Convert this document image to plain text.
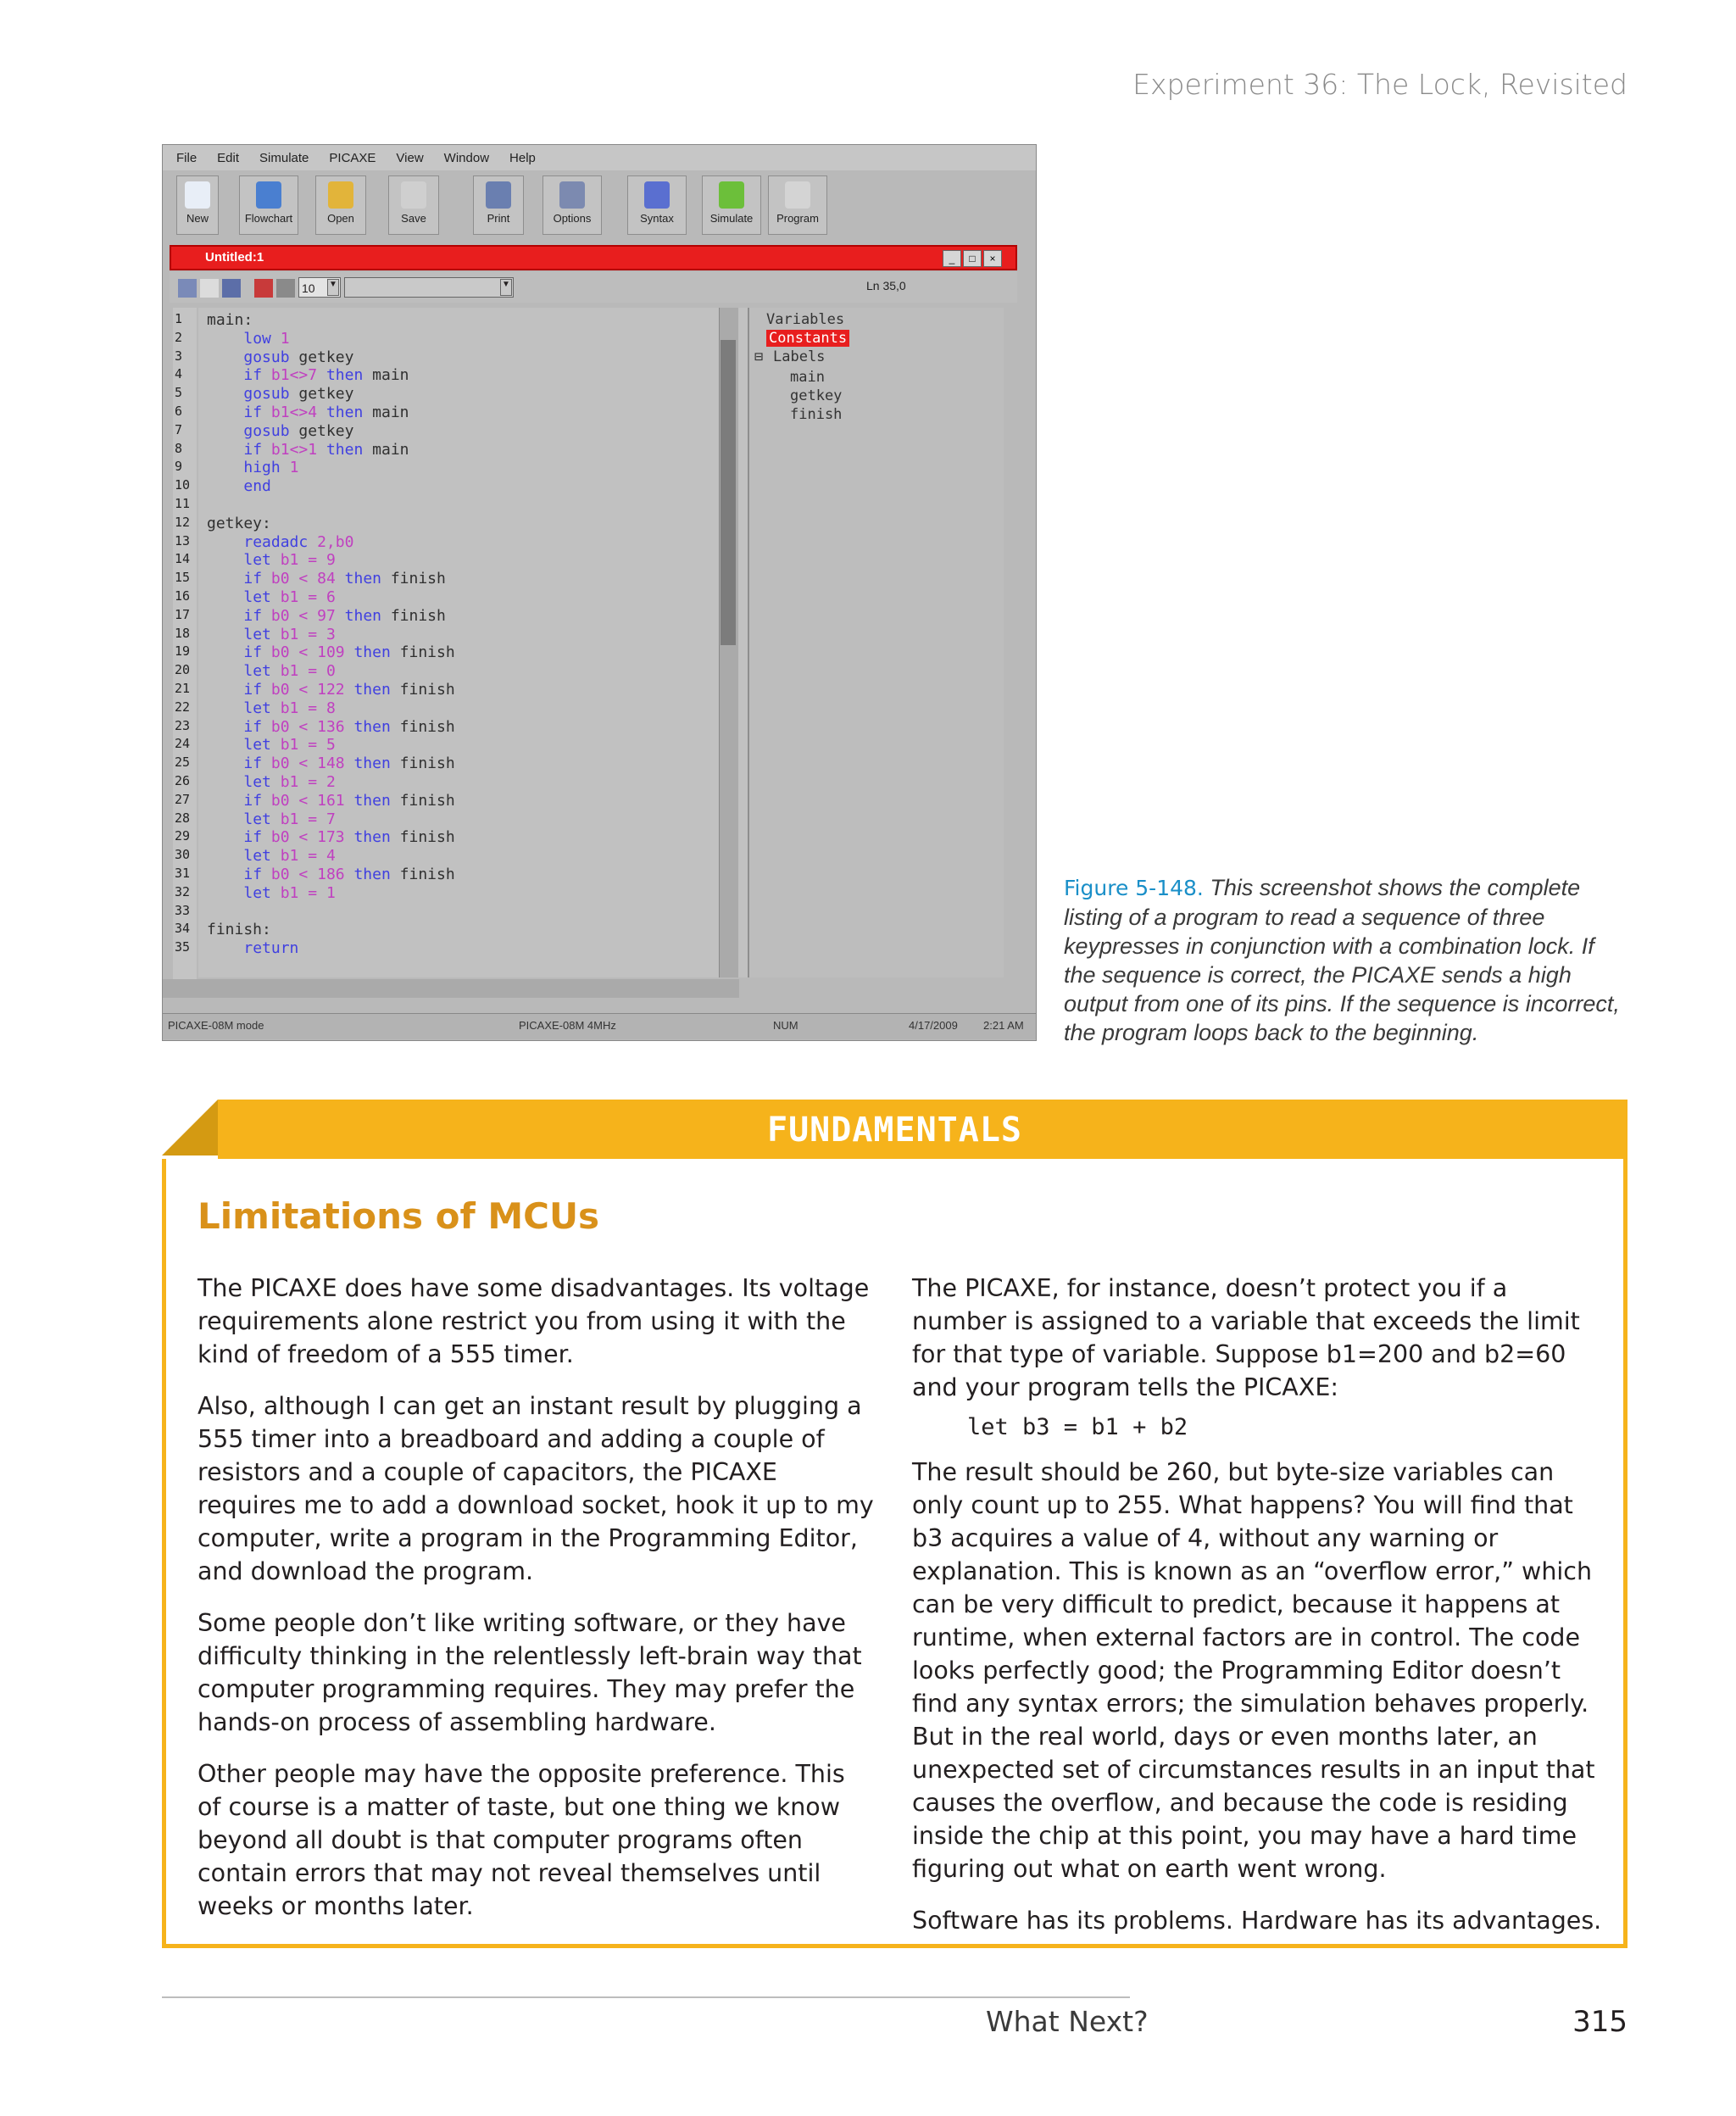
Experiment 36: The Lock, Revisited
File Edit Simulate PICAXE View Window Help
New	Flowchart	Open	Save	Print	Options	Syntax	Simulate	Program
Untitled:1	_	□	×
10	▼	▼	Ln 35,0
1	main:
2	low 1
3	gosub getkey
4	if b1<>7 then main
5	gosub getkey
6	if b1<>4 then main
7	gosub getkey
8	if b1<>1 then main
9	high 1
10	end
11
12	getkey:
13	readadc 2,b0
14	let b1 = 9
15	if b0 < 84 then finish
16	let b1 = 6
17	if b0 < 97 then finish
18	let b1 = 3
19	if b0 < 109 then finish
20	let b1 = 0
21	if b0 < 122 then finish
22	let b1 = 8
23	if b0 < 136 then finish
24	let b1 = 5
25	if b0 < 148 then finish
26	let b1 = 2
27	if b0 < 161 then finish
28	let b1 = 7
29	if b0 < 173 then finish
30	let b1 = 4
31	if b0 < 186 then finish
32	let b1 = 1
33
34	finish:
35	return
Variables
Constants
⊟ Labels
main
getkey
finish
PICAXE-08M mode	PICAXE-08M 4MHz	NUM	4/17/2009 2:21 AM
Figure 5-148. This screenshot shows the complete listing of a program to read a sequence of three keypresses in conjunction with a combination lock. If the sequence is correct, the PICAXE sends a high output from one of its pins. If the sequence is incorrect, the program loops back to the beginning.
FUNDAMENTALS
Limitations of MCUs

The PICAXE does have some disadvantages. Its voltage requirements alone restrict you from using it with the kind of freedom of a 555 timer.

Also, although I can get an instant result by plugging a 555 timer into a breadboard and adding a couple of resistors and a couple of capacitors, the PICAXE requires me to add a download socket, hook it up to my computer, write a program in the Programming Editor, and download the program.

Some people don’t like writing software, or they have difficulty thinking in the relentlessly left-brain way that computer programming requires. They may prefer the hands-on process of assembling hardware.

Other people may have the opposite preference. This of course is a matter of taste, but one thing we know beyond all doubt is that computer programs often contain errors that may not reveal themselves until weeks or months later.

The PICAXE, for instance, doesn’t protect you if a number is assigned to a variable that exceeds the limit for that type of variable. Suppose b1=200 and b2=60 and your program tells the PICAXE:

let b3 = b1 + b2

The result should be 260, but byte-size variables can only count up to 255. What happens? You will find that b3 acquires a value of 4, without any warning or explanation. This is known as an “overflow error,” which can be very difficult to predict, because it happens at runtime, when external factors are in control. The code looks perfectly good; the Programming Editor doesn’t find any syntax errors; the simulation behaves properly. But in the real world, days or even months later, an unexpected set of circumstances results in an input that causes the overflow, and because the code is residing inside the chip at this point, you may have a hard time figuring out what on earth went wrong.

Software has its problems. Hardware has its advantages.

What Next?	315
